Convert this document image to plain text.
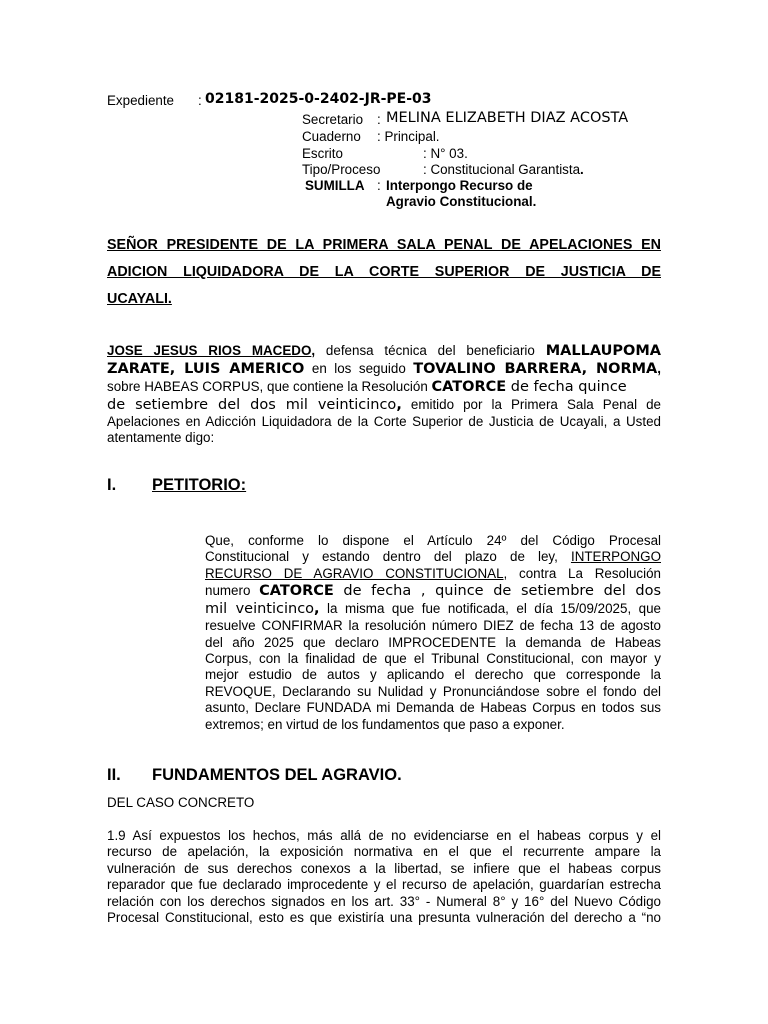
Expediente : 02181-2025-0-2402-JR-PE-03
Secretario : MELINA ELIZABETH DIAZ ACOSTA
Cuaderno : Principal.
Escrito	: N° 03.
Tipo/Proceso	: Constitucional Garantista.
SUMILLA : Interpongo Recurso de
Agravio Constitucional.
SEÑOR PRESIDENTE DE LA PRIMERA SALA PENAL DE APELACIONES EN
ADICION LIQUIDADORA DE LA CORTE SUPERIOR DE JUSTICIA DE
UCAYALI.
JOSE JESUS RIOS MACEDO, defensa técnica del beneficiario MALLAUPOMA
ZARATE, LUIS AMERICO en los seguido TOVALINO BARRERA, NORMA,
sobre HABEAS CORPUS, que contiene la Resolución CATORCE de fecha quince
de setiembre del dos mil veinticinco, emitido por la Primera Sala Penal de
Apelaciones en Adicción Liquidadora de la Corte Superior de Justicia de Ucayali, a Usted
atentamente digo:
I. PETITORIO:
Que, conforme lo dispone el Artículo 24º del Código Procesal
Constitucional y estando dentro del plazo de ley, INTERPONGO
RECURSO DE AGRAVIO CONSTITUCIONAL, contra La Resolución
numero CATORCE de fecha , quince de setiembre del dos
mil veinticinco, la misma que fue notificada, el día 15/09/2025, que
resuelve CONFIRMAR la resolución número DIEZ de fecha 13 de agosto
del año 2025 que declaro IMPROCEDENTE la demanda de Habeas
Corpus, con la finalidad de que el Tribunal Constitucional, con mayor y
mejor estudio de autos y aplicando el derecho que corresponde la
REVOQUE, Declarando su Nulidad y Pronunciándose sobre el fondo del
asunto, Declare FUNDADA mi Demanda de Habeas Corpus en todos sus
extremos; en virtud de los fundamentos que paso a exponer.
II. FUNDAMENTOS DEL AGRAVIO.
DEL CASO CONCRETO
1.9 Así expuestos los hechos, más allá de no evidenciarse en el habeas corpus y el
recurso de apelación, la exposición normativa en el que el recurrente ampare la
vulneración de sus derechos conexos a la libertad, se infiere que el habeas corpus
reparador que fue declarado improcedente y el recurso de apelación, guardarían estrecha
relación con los derechos signados en los art. 33° - Numeral 8° y 16° del Nuevo Código
Procesal Constitucional, esto es que existiría una presunta vulneración del derecho a “no
